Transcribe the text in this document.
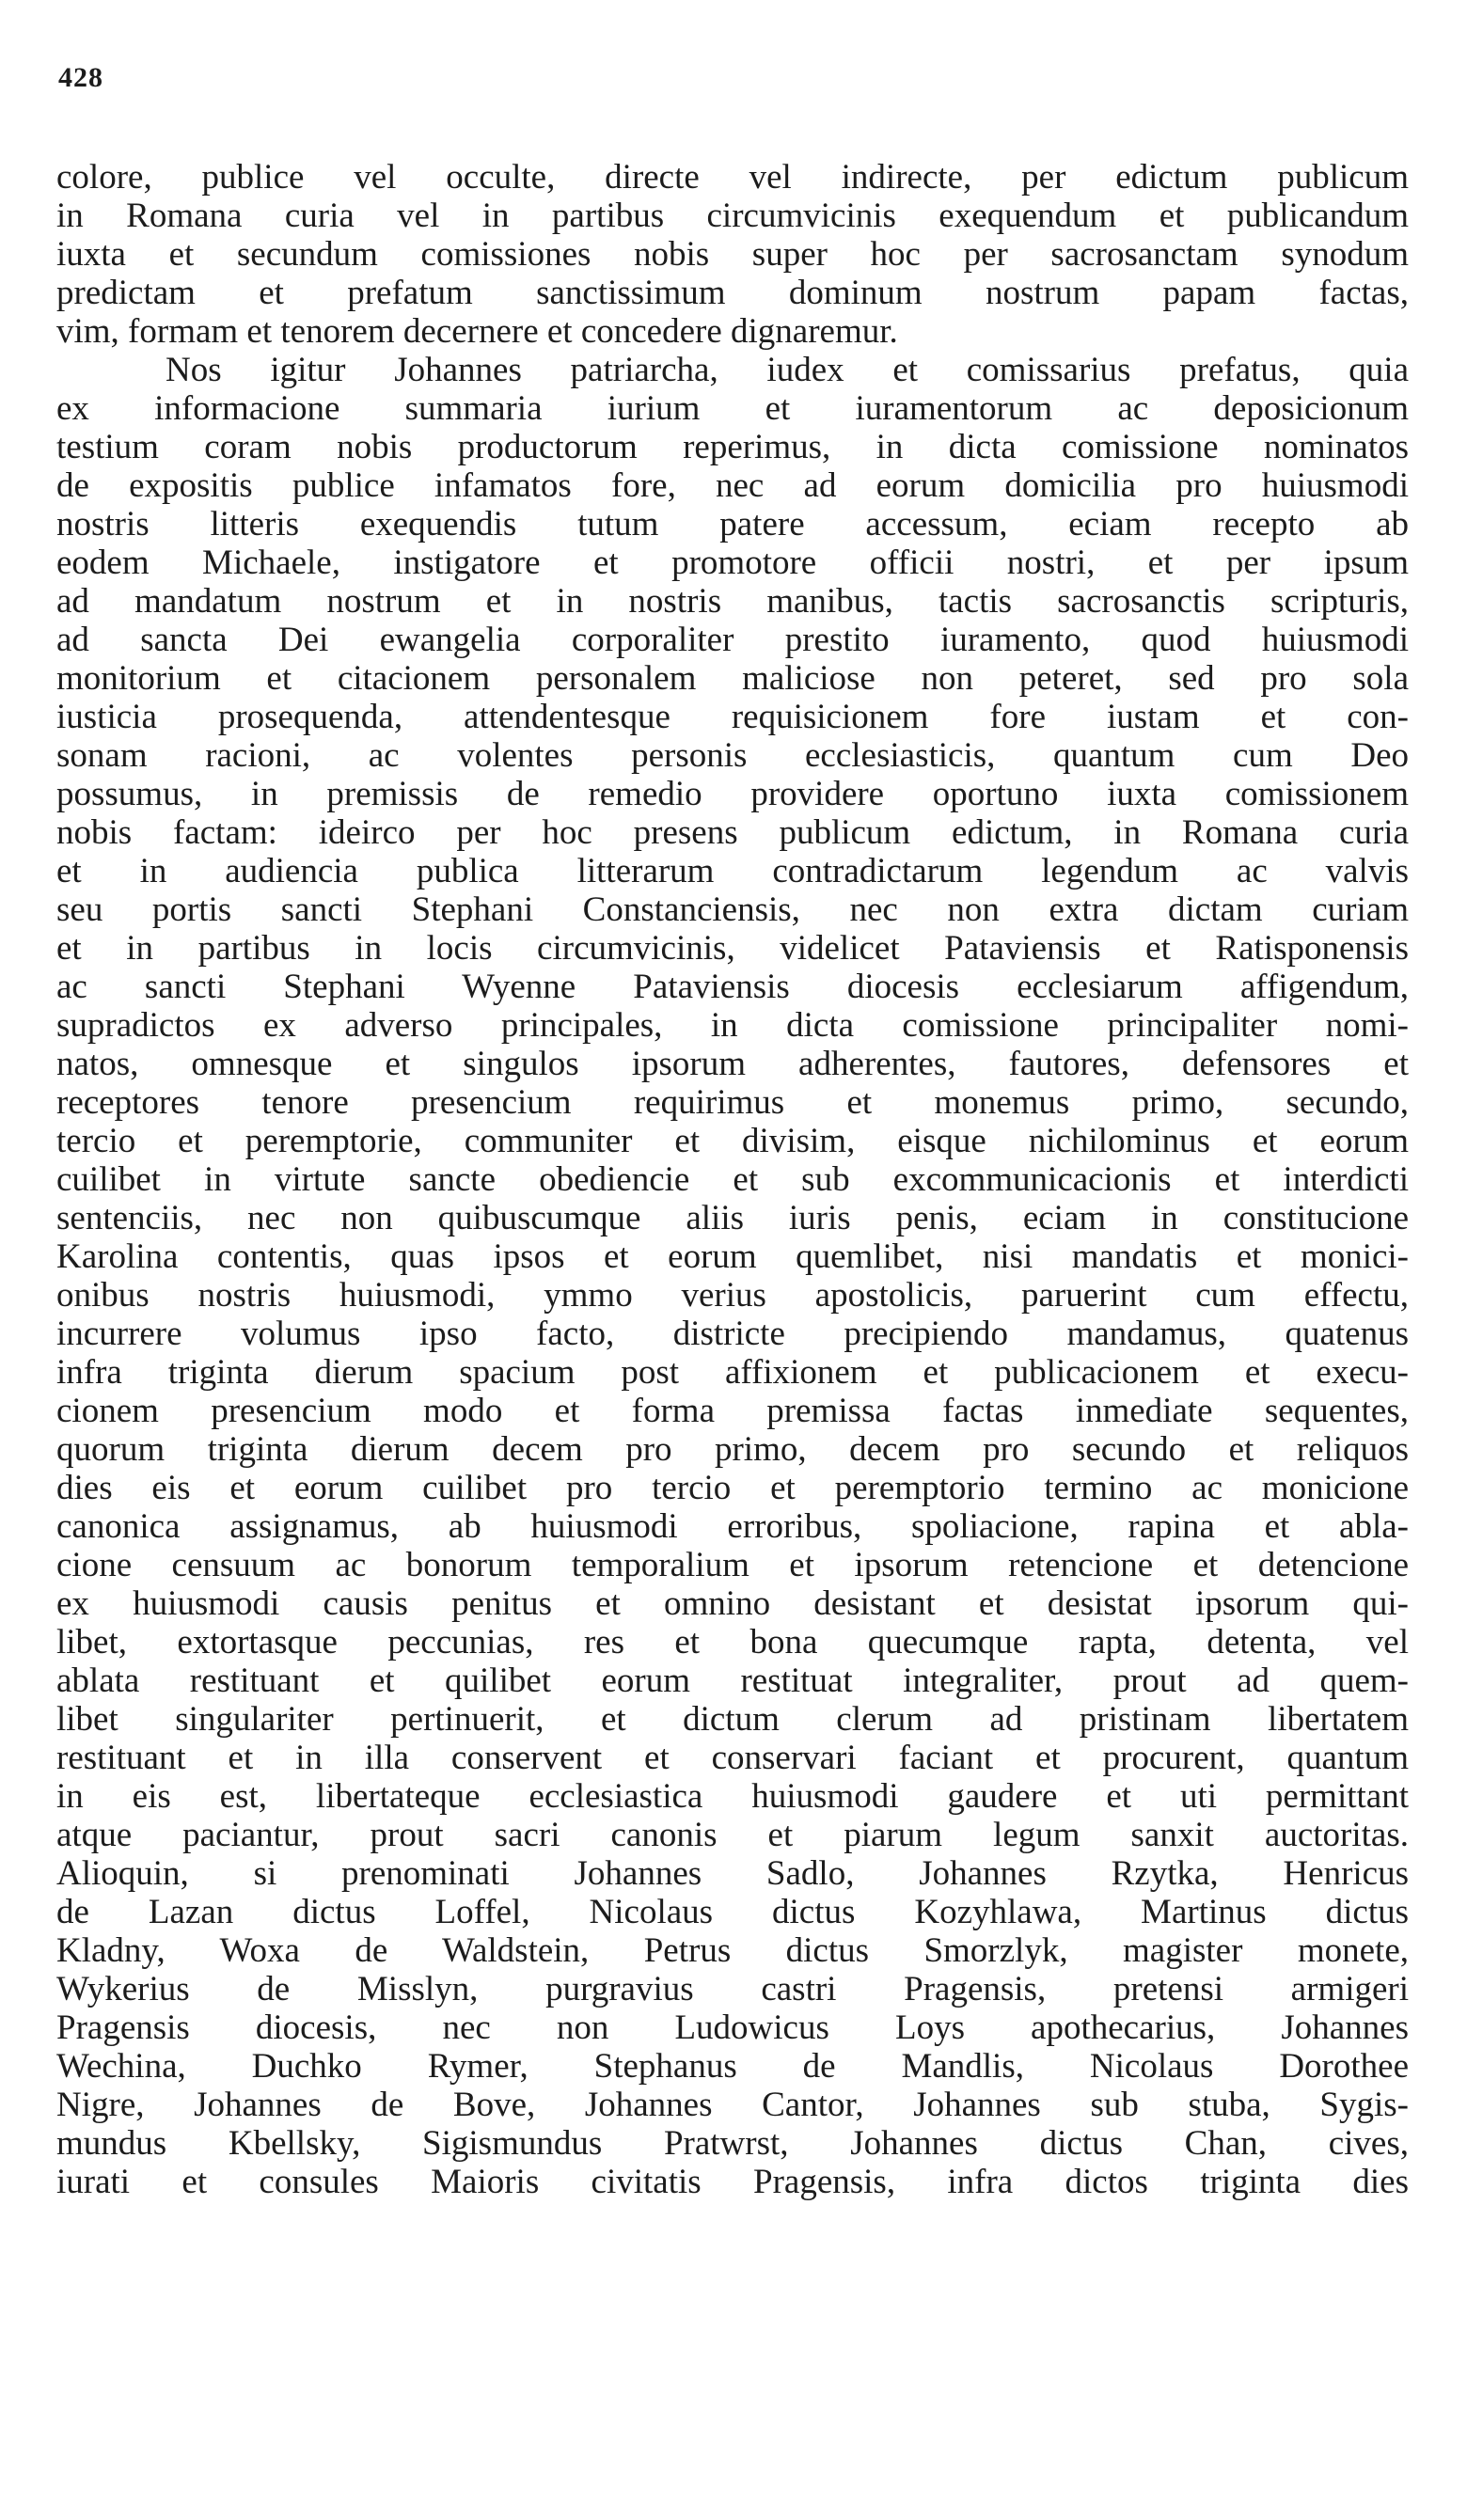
428
colore, publice vel occulte, directe vel indirecte, per edictum publicum
in Romana curia vel in partibus circumvicinis exequendum et publicandum
iuxta et secundum comissiones nobis super hoc per sacrosanctam synodum
predictam et prefatum sanctissimum dominum nostrum papam factas,
vim, formam et tenorem decernere et concedere dignaremur.
Nos igitur Johannes patriarcha, iudex et comissarius prefatus, quia
ex informacione summaria iurium et iuramentorum ac deposicionum
testium coram nobis productorum reperimus, in dicta comissione nominatos
de expositis publice infamatos fore, nec ad eorum domicilia pro huiusmodi
nostris litteris exequendis tutum patere accessum, eciam recepto ab
eodem Michaele, instigatore et promotore officii nostri, et per ipsum
ad mandatum nostrum et in nostris manibus, tactis sacrosanctis scripturis,
ad sancta Dei ewangelia corporaliter prestito iuramento, quod huiusmodi
monitorium et citacionem personalem maliciose non peteret, sed pro sola
iusticia prosequenda, attendentesque requisicionem fore iustam et con-
sonam racioni, ac volentes personis ecclesiasticis, quantum cum Deo
possumus, in premissis de remedio providere oportuno iuxta comissionem
nobis factam: ideirco per hoc presens publicum edictum, in Romana curia
et in audiencia publica litterarum contradictarum legendum ac valvis
seu portis sancti Stephani Constanciensis, nec non extra dictam curiam
et in partibus in locis circumvicinis, videlicet Pataviensis et Ratisponensis
ac sancti Stephani Wyenne Pataviensis diocesis ecclesiarum affigendum,
supradictos ex adverso principales, in dicta comissione principaliter nomi-
natos, omnesque et singulos ipsorum adherentes, fautores, defensores et
receptores tenore presencium requirimus et monemus primo, secundo,
tercio et peremptorie, communiter et divisim, eisque nichilominus et eorum
cuilibet in virtute sancte obediencie et sub excommunicacionis et interdicti
sentenciis, nec non quibuscumque aliis iuris penis, eciam in constitucione
Karolina contentis, quas ipsos et eorum quemlibet, nisi mandatis et monici-
onibus nostris huiusmodi, ymmo verius apostolicis, paruerint cum effectu,
incurrere volumus ipso facto, districte precipiendo mandamus, quatenus
infra triginta dierum spacium post affixionem et publicacionem et execu-
cionem presencium modo et forma premissa factas inmediate sequentes,
quorum triginta dierum decem pro primo, decem pro secundo et reliquos
dies eis et eorum cuilibet pro tercio et peremptorio termino ac monicione
canonica assignamus, ab huiusmodi erroribus, spoliacione, rapina et abla-
cione censuum ac bonorum temporalium et ipsorum retencione et detencione
ex huiusmodi causis penitus et omnino desistant et desistat ipsorum qui-
libet, extortasque peccunias, res et bona quecumque rapta, detenta, vel
ablata restituant et quilibet eorum restituat integraliter, prout ad quem-
libet singulariter pertinuerit, et dictum clerum ad pristinam libertatem
restituant et in illa conservent et conservari faciant et procurent, quantum
in eis est, libertateque ecclesiastica huiusmodi gaudere et uti permittant
atque paciantur, prout sacri canonis et piarum legum sanxit auctoritas.
Alioquin, si prenominati Johannes Sadlo, Johannes Rzytka, Henricus
de Lazan dictus Loffel, Nicolaus dictus Kozyhlawa, Martinus dictus
Kladny, Woxa de Waldstein, Petrus dictus Smorzlyk, magister monete,
Wykerius de Misslyn, purgravius castri Pragensis, pretensi armigeri
Pragensis diocesis, nec non Ludowicus Loys apothecarius, Johannes
Wechina, Duchko Rymer, Stephanus de Mandlis, Nicolaus Dorothee
Nigre, Johannes de Bove, Johannes Cantor, Johannes sub stuba, Sygis-
mundus Kbellsky, Sigismundus Pratwrst, Johannes dictus Chan, cives,
iurati et consules Maioris civitatis Pragensis, infra dictos triginta dies
